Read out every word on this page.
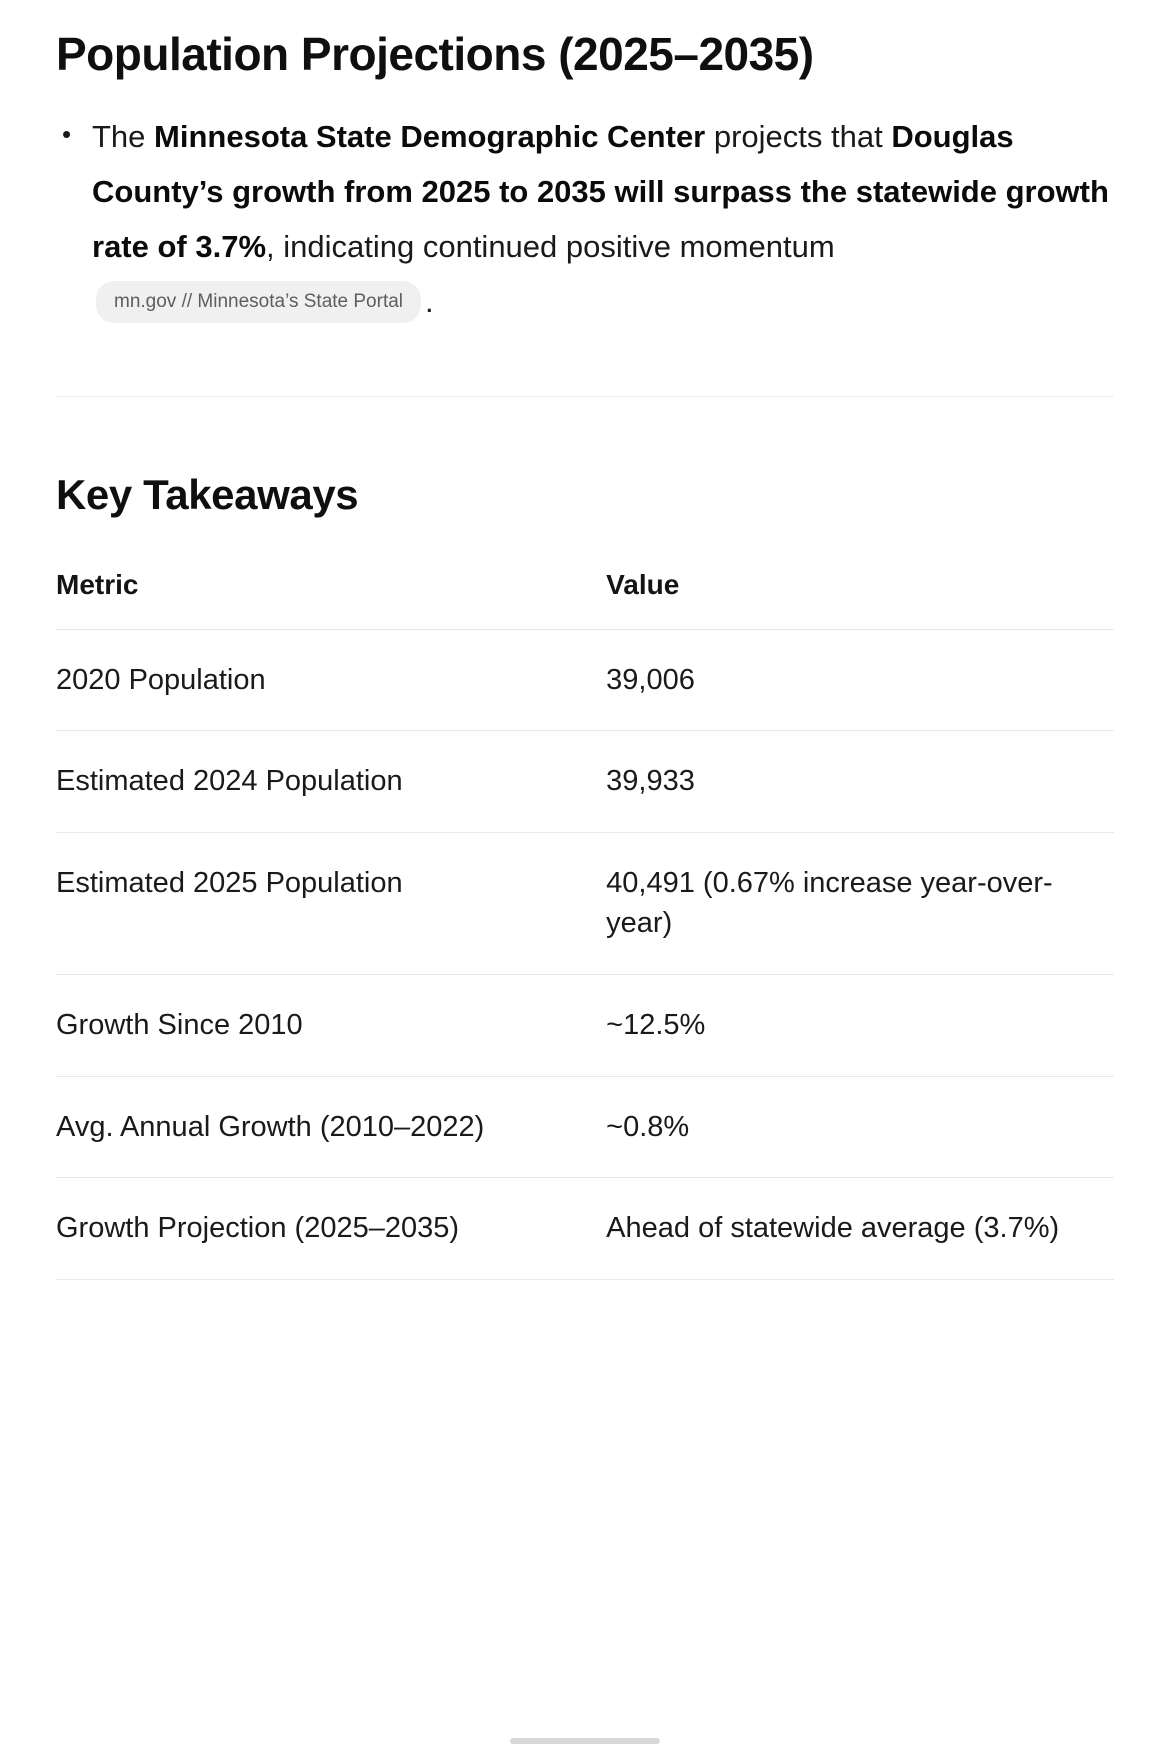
Population Projections (2025–2035)
• The Minnesota State Demographic Center projects that Douglas County’s growth from 2025 to 2035 will surpass the statewide growth rate of 3.7%, indicating continued positive momentummn.gov // Minnesota’s State Portal .
Key Takeaways
Metric	Value
2020 Population	39,006
Estimated 2024 Population	39,933
Estimated 2025 Population	40,491 (0.67% increase year-over-year)
Growth Since 2010	~12.5%
Avg. Annual Growth (2010–2022)	~0.8%
Growth Projection (2025–2035)	Ahead of statewide average (3.7%)
